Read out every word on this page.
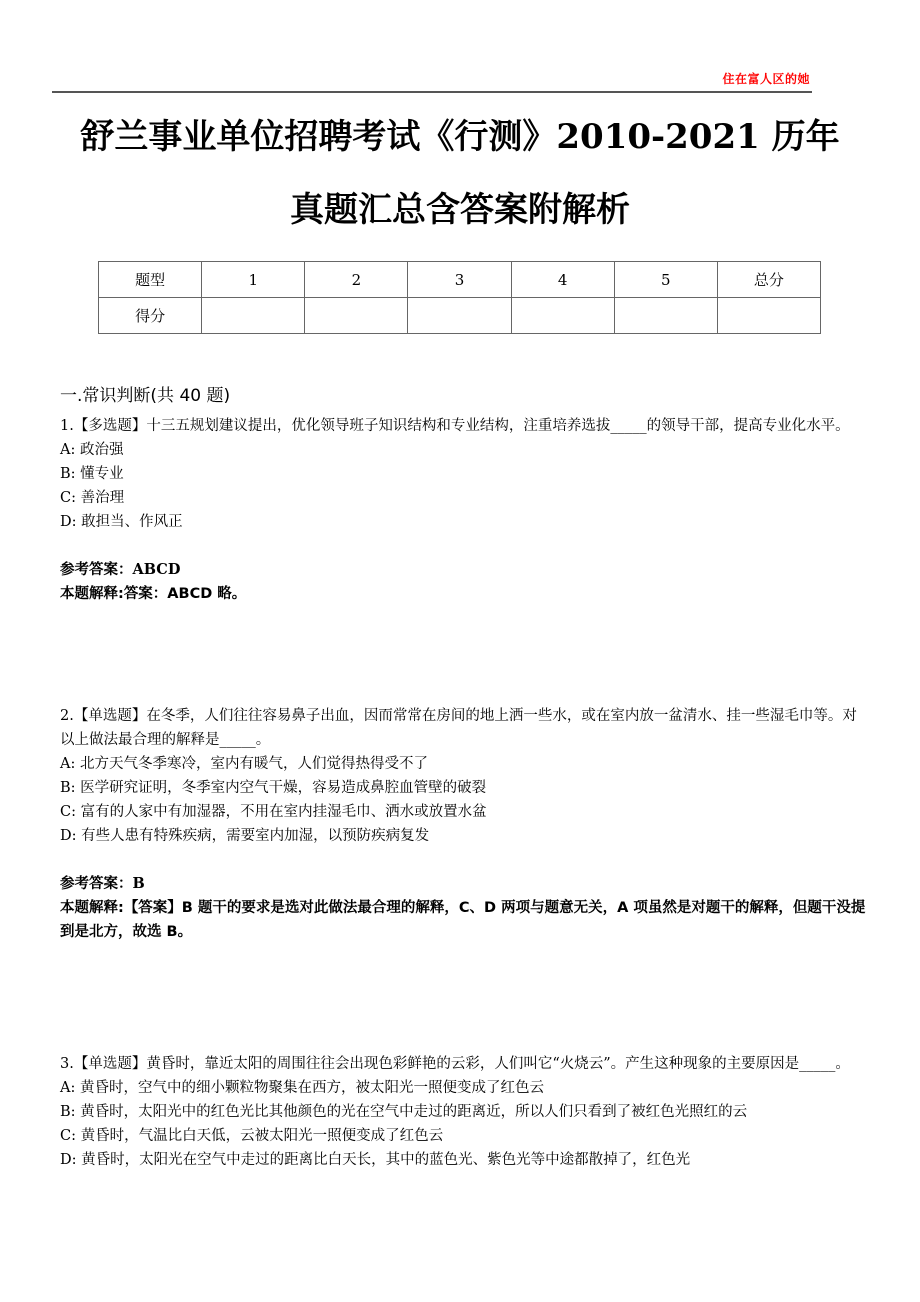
住在富人区的她
舒兰事业单位招聘考试《行测》2010-2021 历年
真题汇总含答案附解析
题型	1	2	3	4	5	总分
得分						
一.常识判断(共 40 题)

1.【多选题】十三五规划建议提出，优化领导班子知识结构和专业结构，注重培养选拔_____的领导干部，提高专业化水平。

A: 政治强

B: 懂专业

C: 善治理

D: 敢担当、作风正

参考答案：ABCD
本题解释:答案：ABCD 略。

2.【单选题】在冬季，人们往往容易鼻子出血，因而常常在房间的地上洒一些水，或在室内放一盆清水、挂一些湿毛巾等。对以上做法最合理的解释是_____。

A: 北方天气冬季寒冷，室内有暖气，人们觉得热得受不了

B: 医学研究证明，冬季室内空气干燥，容易造成鼻腔血管壁的破裂

C: 富有的人家中有加湿器，不用在室内挂湿毛巾、洒水或放置水盆

D: 有些人患有特殊疾病，需要室内加湿，以预防疾病复发

参考答案：B
本题解释:【答案】B 题干的要求是选对此做法最合理的解释，C、D 两项与题意无关，A 项虽然是对题干的解释，但题干没提到是北方，故选 B。

3.【单选题】黄昏时，靠近太阳的周围往往会出现色彩鲜艳的云彩，人们叫它“火烧云”。产生这种现象的主要原因是_____。

A: 黄昏时，空气中的细小颗粒物聚集在西方，被太阳光一照便变成了红色云

B: 黄昏时，太阳光中的红色光比其他颜色的光在空气中走过的距离近，所以人们只看到了被红色光照红的云

C: 黄昏时，气温比白天低，云被太阳光一照便变成了红色云

D: 黄昏时，太阳光在空气中走过的距离比白天长，其中的蓝色光、紫色光等中途都散掉了，红色光
